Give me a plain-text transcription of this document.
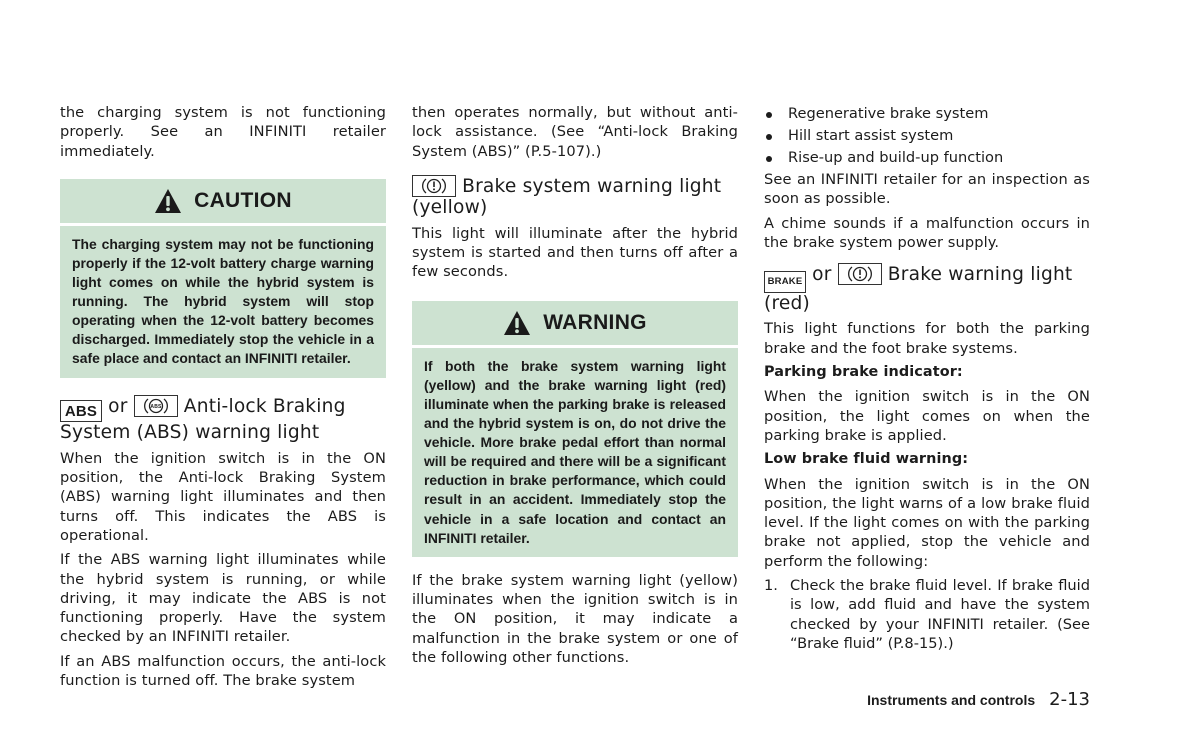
the charging system is not functioning properly. See an INFINITI retailer immediately.

CAUTION
The charging system may not be functioning properly if the 12-volt battery charge warning light comes on while the hybrid system is running. The hybrid system will stop operating when the 12-volt battery becomes discharged. Immediately stop the vehicle in a safe place and contact an INFINITI retailer.
ABS or	ABS Anti-lock Braking System (ABS) warning light

When the ignition switch is in the ON position, the Anti-lock Braking System (ABS) warning light illuminates and then turns off. This indicates the ABS is operational.

If the ABS warning light illuminates while the hybrid system is running, or while driving, it may indicate the ABS is not functioning properly. Have the system checked by an INFINITI retailer.

If an ABS malfunction occurs, the anti-lock function is turned off. The brake system

then operates normally, but without anti-lock assistance. (See “Anti-lock Braking System (ABS)” (P.5-107).)

Brake system warning light (yellow)

This light will illuminate after the hybrid system is started and then turns off after a few seconds.

WARNING
If both the brake system warning light (yellow) and the brake warning light (red) illuminate when the parking brake is released and the hybrid system is on, do not drive the vehicle. More brake pedal effort than normal will be required and there will be a significant reduction in brake performance, which could result in an accident. Immediately stop the vehicle in a safe location and contact an INFINITI retailer.

If the brake system warning light (yellow) illuminates when the ignition switch is in the ON position, it may indicate a malfunction in the brake system or one of the following other functions.

Regenerative brake system
Hill start assist system
Rise-up and build-up function

See an INFINITI retailer for an inspection as soon as possible.

A chime sounds if a malfunction occurs in the brake system power supply.

BRAKE or	Brake warning light (red)

This light functions for both the parking brake and the foot brake systems.

Parking brake indicator:

When the ignition switch is in the ON position, the light comes on when the parking brake is applied.

Low brake fluid warning:

When the ignition switch is in the ON position, the light warns of a low brake fluid level. If the light comes on with the parking brake not applied, stop the vehicle and perform the following:

1. Check the brake fluid level. If brake fluid is low, add fluid and have the system checked by your INFINITI retailer. (See “Brake fluid” (P.8-15).)
Instruments and controls 2-13
